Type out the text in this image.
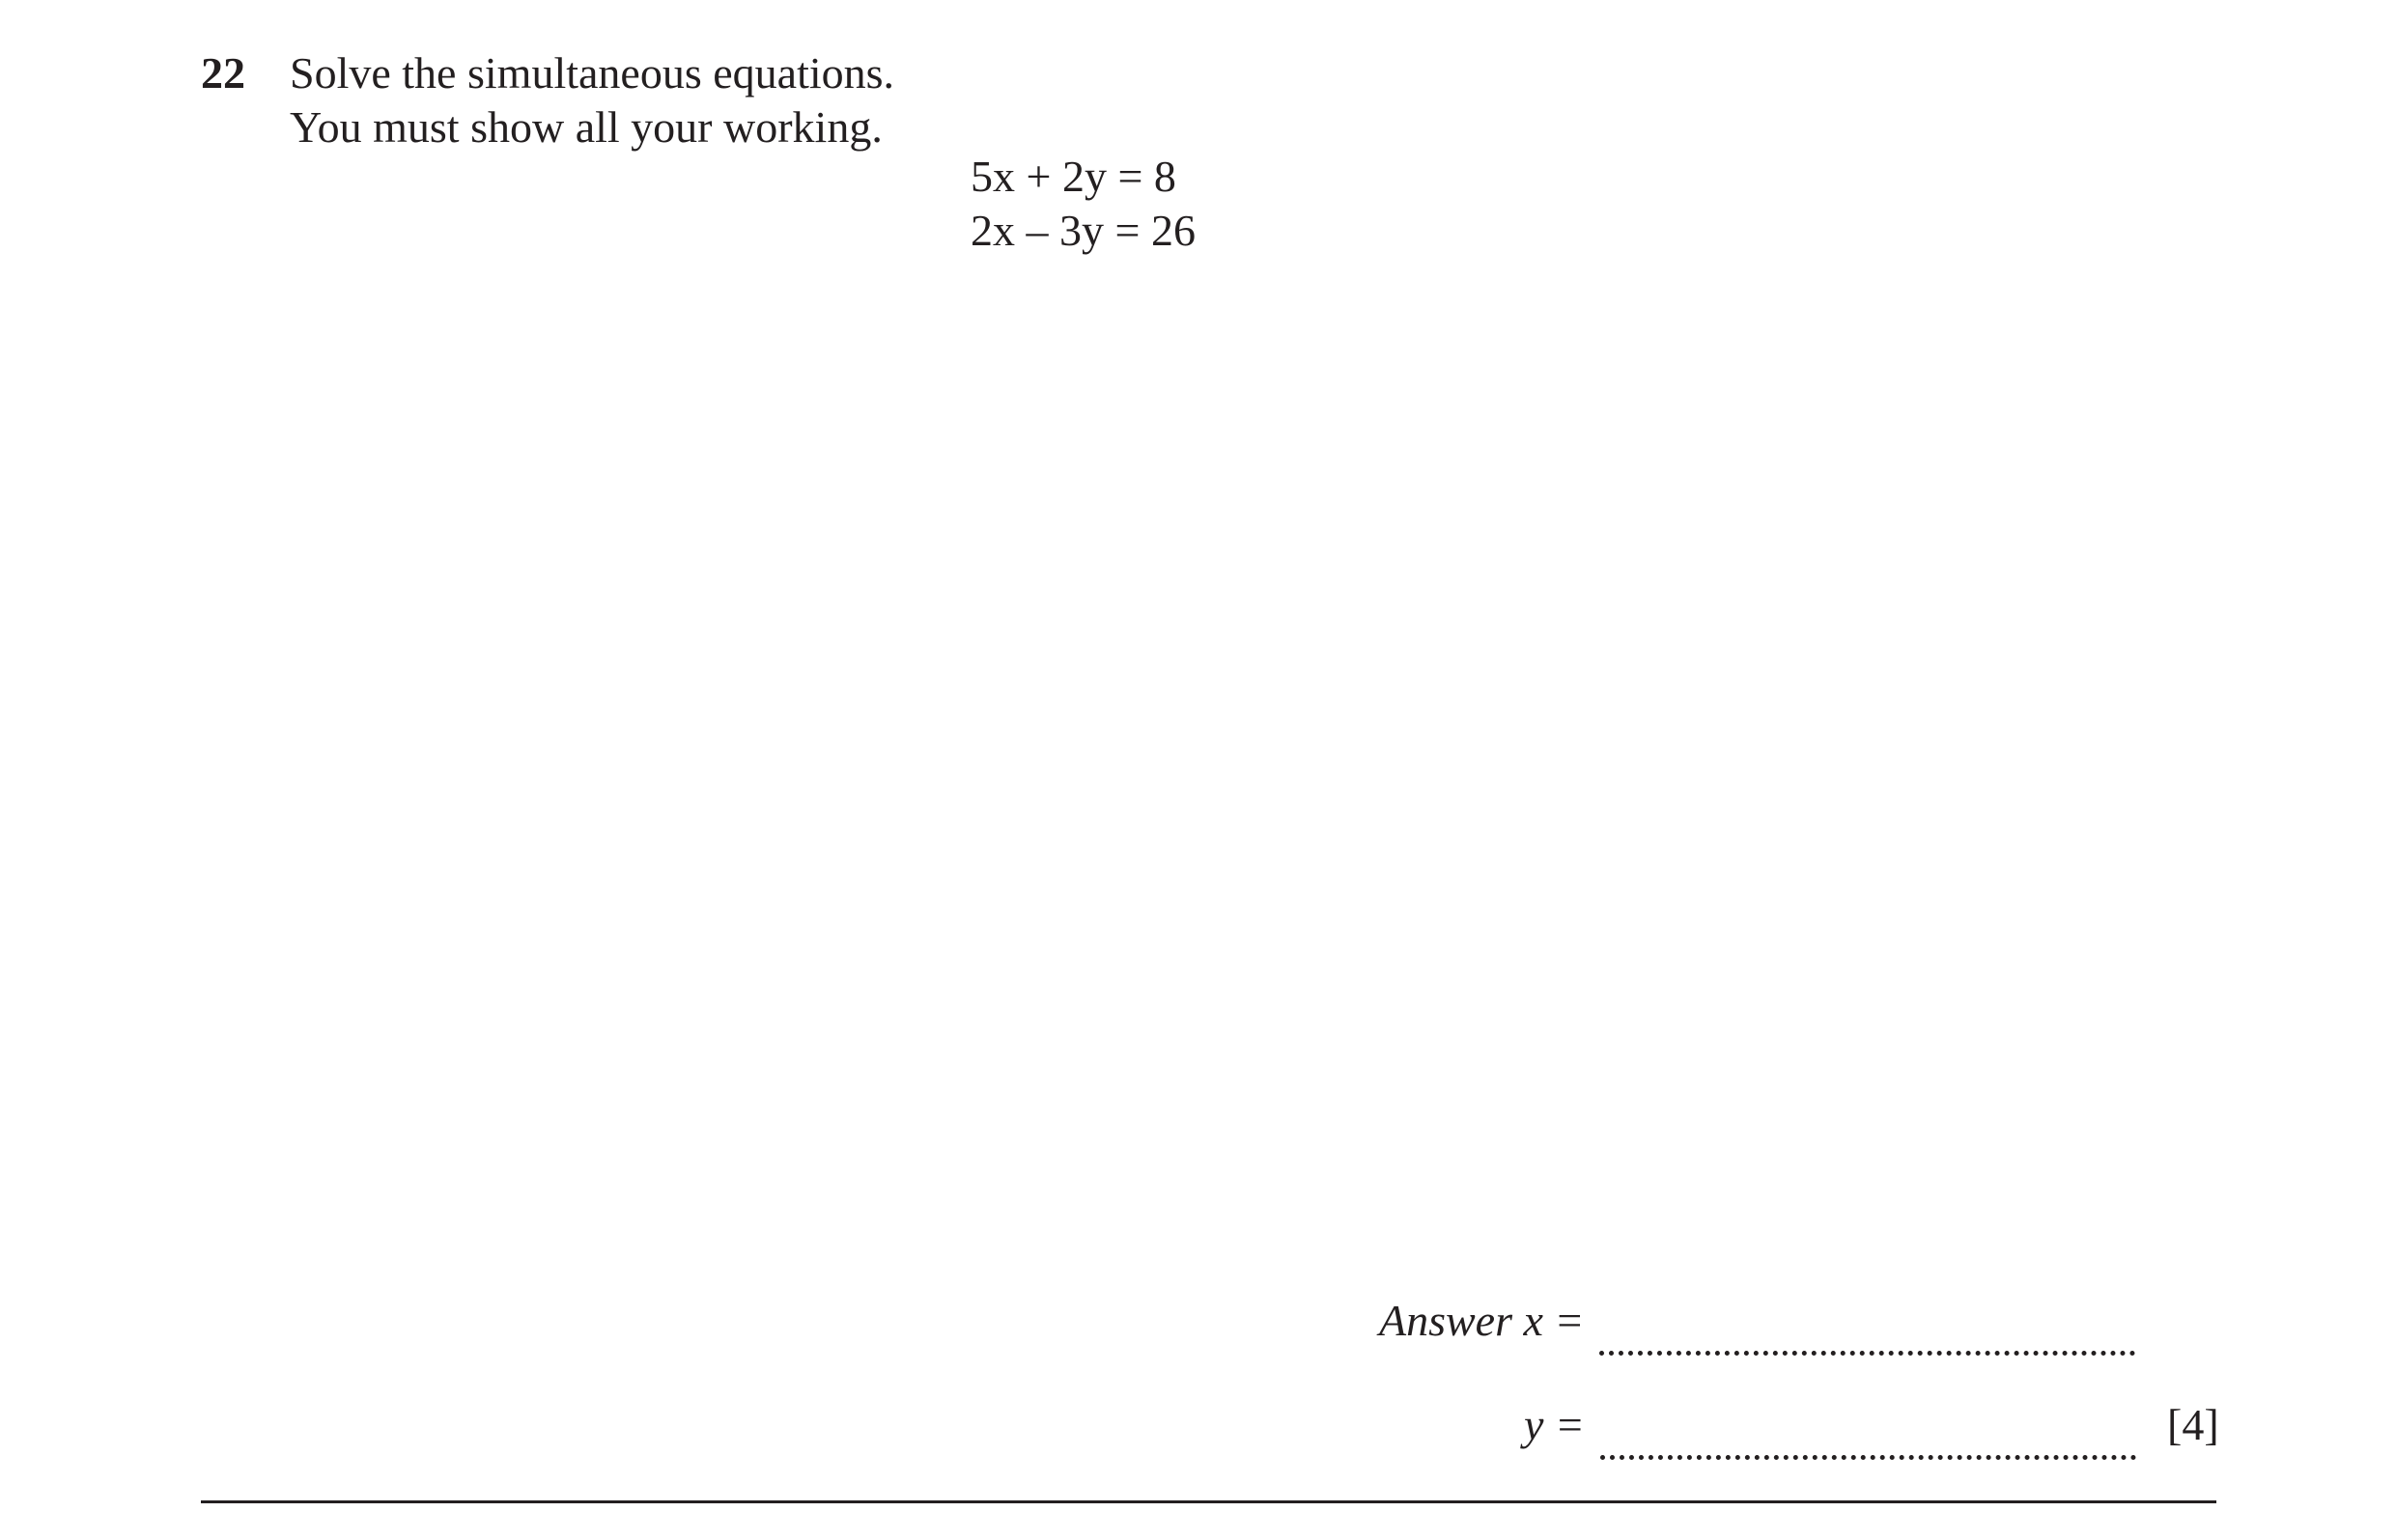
22 Solve the simultaneous equations.
You must show all your working.
5x + 2y = 8
2x – 3y = 26
Answer x =
y =	[4]
